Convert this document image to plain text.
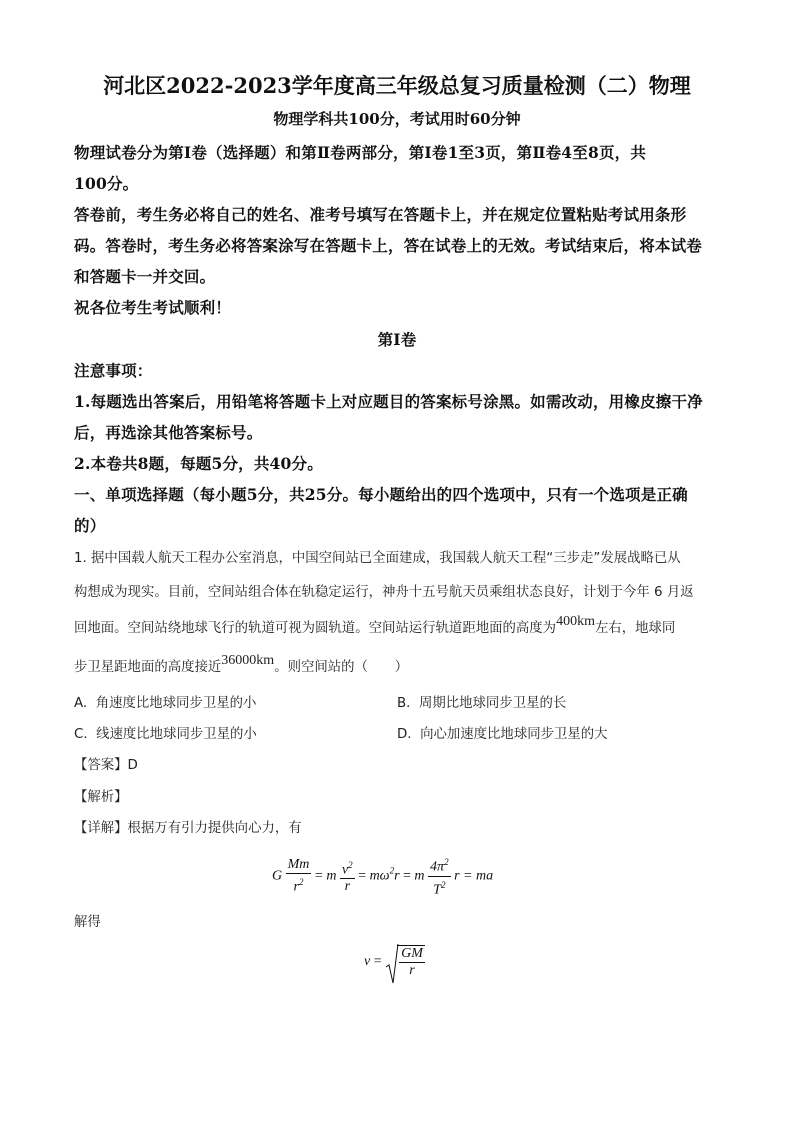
河北区2022-2023学年度高三年级总复习质量检测（二）物理
物理学科共100分，考试用时60分钟
物理试卷分为第Ⅰ卷（选择题）和第Ⅱ卷两部分，第Ⅰ卷1至3页，第Ⅱ卷4至8页，共
100分。
答卷前，考生务必将自己的姓名、准考号填写在答题卡上，并在规定位置粘贴考试用条形
码。答卷时，考生务必将答案涂写在答题卡上，答在试卷上的无效。考试结束后，将本试卷
和答题卡一并交回。
祝各位考生考试顺利！
第Ⅰ卷
注意事项：
1.每题选出答案后，用铅笔将答题卡上对应题目的答案标号涂黑。如需改动，用橡皮擦干净
后，再选涂其他答案标号。
2.本卷共8题，每题5分，共40分。
一、单项选择题（每小题5分，共25分。每小题给出的四个选项中，只有一个选项是正确
的）
1. 据中国载人航天工程办公室消息，中国空间站已全面建成，我国载人航天工程“三步走”发展战略已从
构想成为现实。目前，空间站组合体在轨稳定运行，神舟十五号航天员乘组状态良好，计划于今年 6 月返
回地面。空间站绕地球飞行的轨道可视为圆轨道。空间站运行轨道距地面的高度为400km左右，地球同
步卫星距地面的高度接近36000km。则空间站的（　　）
A. 角速度比地球同步卫星的小	B. 周期比地球同步卫星的长
C. 线速度比地球同步卫星的小	D. 向心加速度比地球同步卫星的大
【答案】D
【解析】
【详解】根据万有引力提供向心力，有
G $\frac{Mm}{r^2} = m \frac{v^2}{r} = m\omega^2r = m \frac{4\pi^2}{T^2}$ r = ma
解得
$v = \frac{GM}{r}$
